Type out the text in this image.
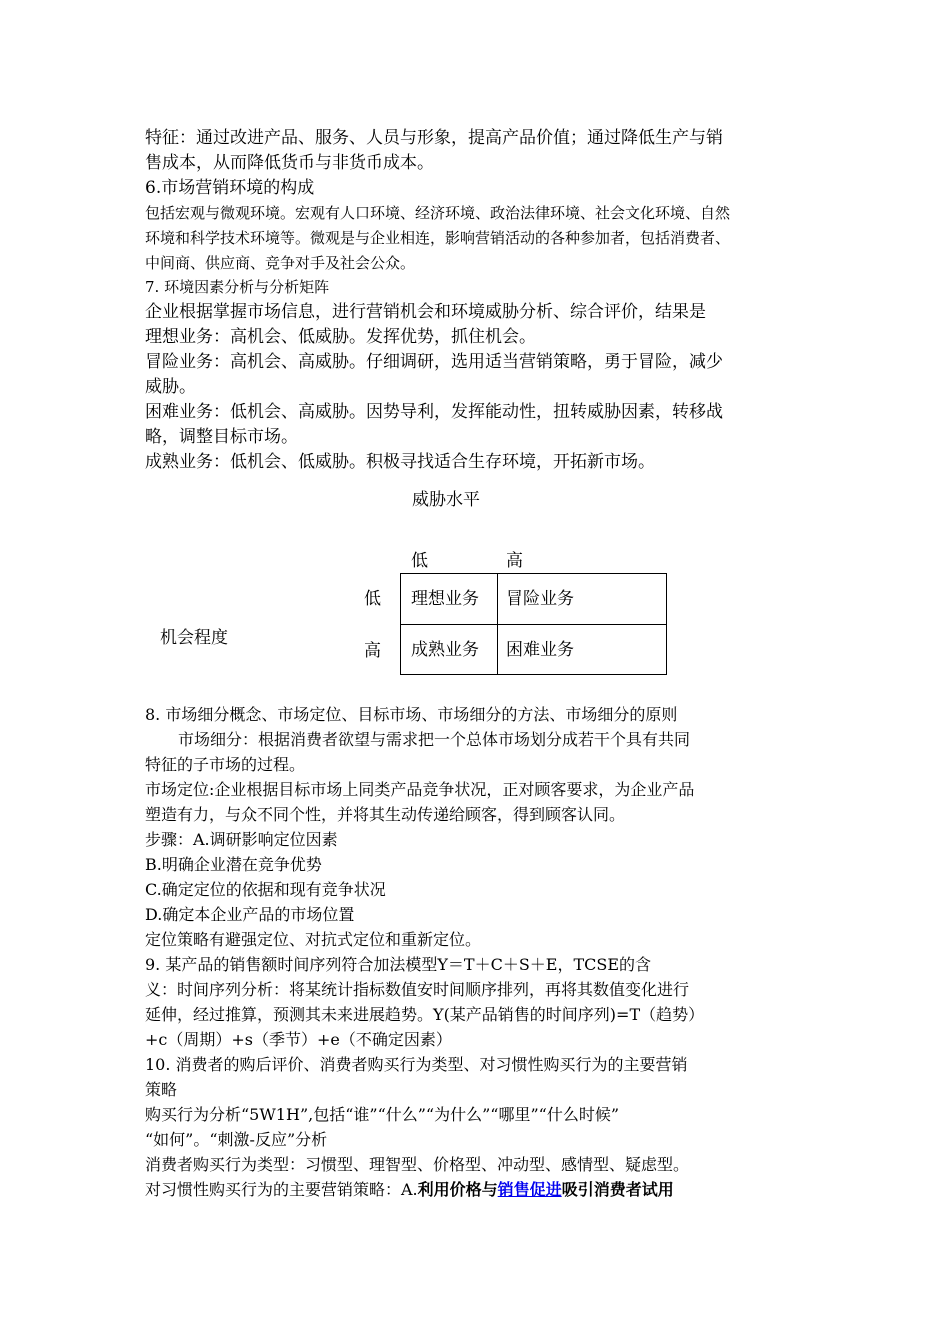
特征：通过改进产品、服务、人员与形象，提高产品价值；通过降低生产与销
售成本，从而降低货币与非货币成本。
6.市场营销环境的构成
包括宏观与微观环境。宏观有人口环境、经济环境、政治法律环境、社会文化环境、自然
环境和科学技术环境等。微观是与企业相连，影响营销活动的各种参加者，包括消费者、
中间商、供应商、竞争对手及社会公众。
7. 环境因素分析与分析矩阵
企业根据掌握市场信息，进行营销机会和环境威胁分析、综合评价，结果是
理想业务：高机会、低威胁。发挥优势，抓住机会。
冒险业务：高机会、高威胁。仔细调研，选用适当营销策略，勇于冒险，减少
威胁。
困难业务：低机会、高威胁。因势导利，发挥能动性，扭转威胁因素，转移战
略，调整目标市场。
成熟业务：低机会、低威胁。积极寻找适合生存环境，开拓新市场。
威胁水平
低	高
低
高
机会程度
理想业务 冒险业务
成熟业务 困难业务
8. 市场细分概念、市场定位、目标市场、市场细分的方法、市场细分的原则
市场细分：根据消费者欲望与需求把一个总体市场划分成若干个具有共同
特征的子市场的过程。
市场定位:企业根据目标市场上同类产品竞争状况，正对顾客要求，为企业产品
塑造有力，与众不同个性，并将其生动传递给顾客，得到顾客认同。
步骤：A.调研影响定位因素
B.明确企业潜在竞争优势
C.确定定位的依据和现有竞争状况
D.确定本企业产品的市场位置
定位策略有避强定位、对抗式定位和重新定位。
9. 某产品的销售额时间序列符合加法模型Y＝T＋C＋S＋E，TCSE的含
义：时间序列分析：将某统计指标数值安时间顺序排列，再将其数值变化进行
延伸，经过推算，预测其未来进展趋势。Y(某产品销售的时间序列)=T（趋势）
+c（周期）+s（季节）+e（不确定因素）
10. 消费者的购后评价、消费者购买行为类型、对习惯性购买行为的主要营销
策略
购买行为分析“5W1H”,包括“谁”“什么”“为什么”“哪里”“什么时候”
“如何”。“刺激-反应”分析
消费者购买行为类型：习惯型、理智型、价格型、冲动型、感情型、疑虑型。
对习惯性购买行为的主要营销策略：A.利用价格与销售促进吸引消费者试用
